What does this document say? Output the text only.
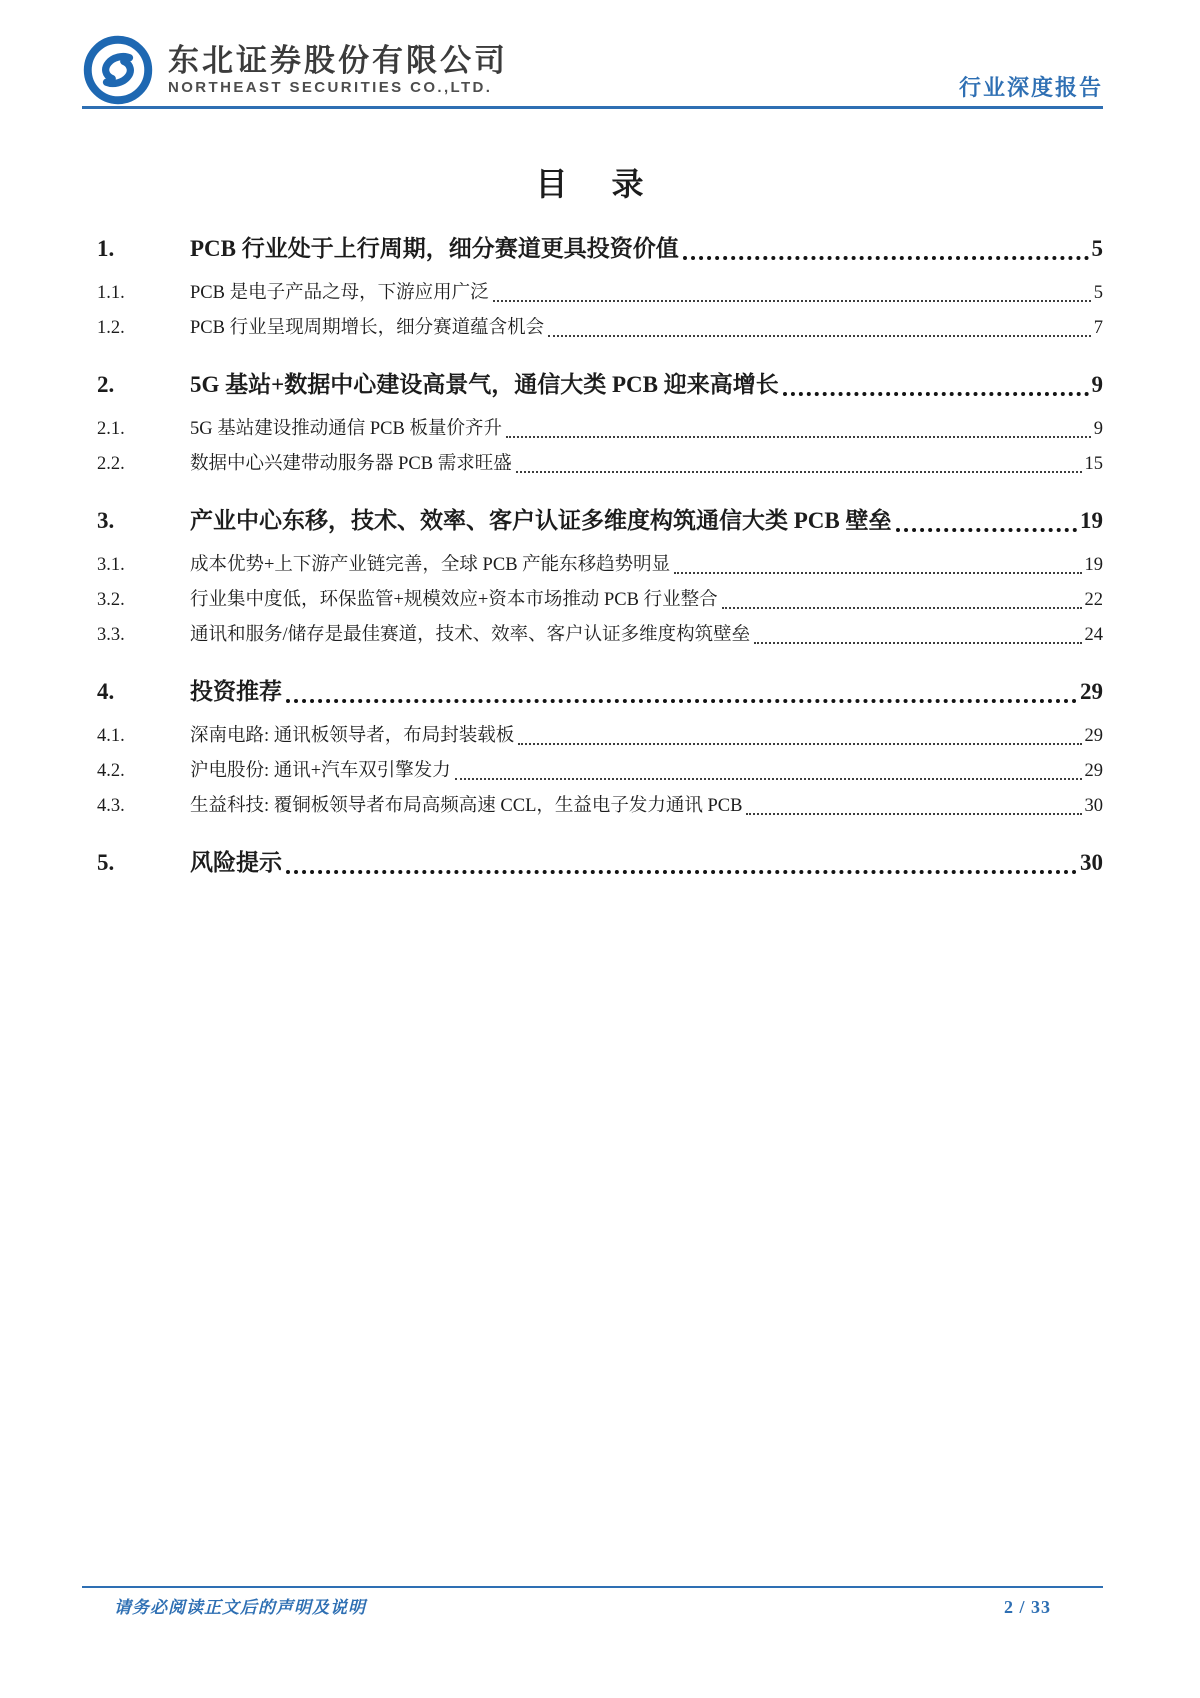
东北证券股份有限公司
NORTHEAST SECURITIES CO.,LTD.	行业深度报告
目　录
1.	PCB 行业处于上行周期，细分赛道更具投资价值	5
1.1.	PCB 是电子产品之母，下游应用广泛	5
1.2.	PCB 行业呈现周期增长，细分赛道蕴含机会	7
2.	5G 基站+数据中心建设高景气，通信大类 PCB 迎来高增长	9
2.1.	5G 基站建设推动通信 PCB 板量价齐升	9
2.2.	数据中心兴建带动服务器 PCB 需求旺盛	15
3.	产业中心东移，技术、效率、客户认证多维度构筑通信大类 PCB 壁垒	19
3.1.	成本优势+上下游产业链完善，全球 PCB 产能东移趋势明显	19
3.2.	行业集中度低，环保监管+规模效应+资本市场推动 PCB 行业整合	22
3.3.	通讯和服务/储存是最佳赛道，技术、效率、客户认证多维度构筑壁垒	24
4.	投资推荐	29
4.1.	深南电路: 通讯板领导者，布局封装载板	29
4.2.	沪电股份: 通讯+汽车双引擎发力	29
4.3.	生益科技: 覆铜板领导者布局高频高速 CCL，生益电子发力通讯 PCB	30
5.	风险提示	30
请务必阅读正文后的声明及说明	2 / 33
